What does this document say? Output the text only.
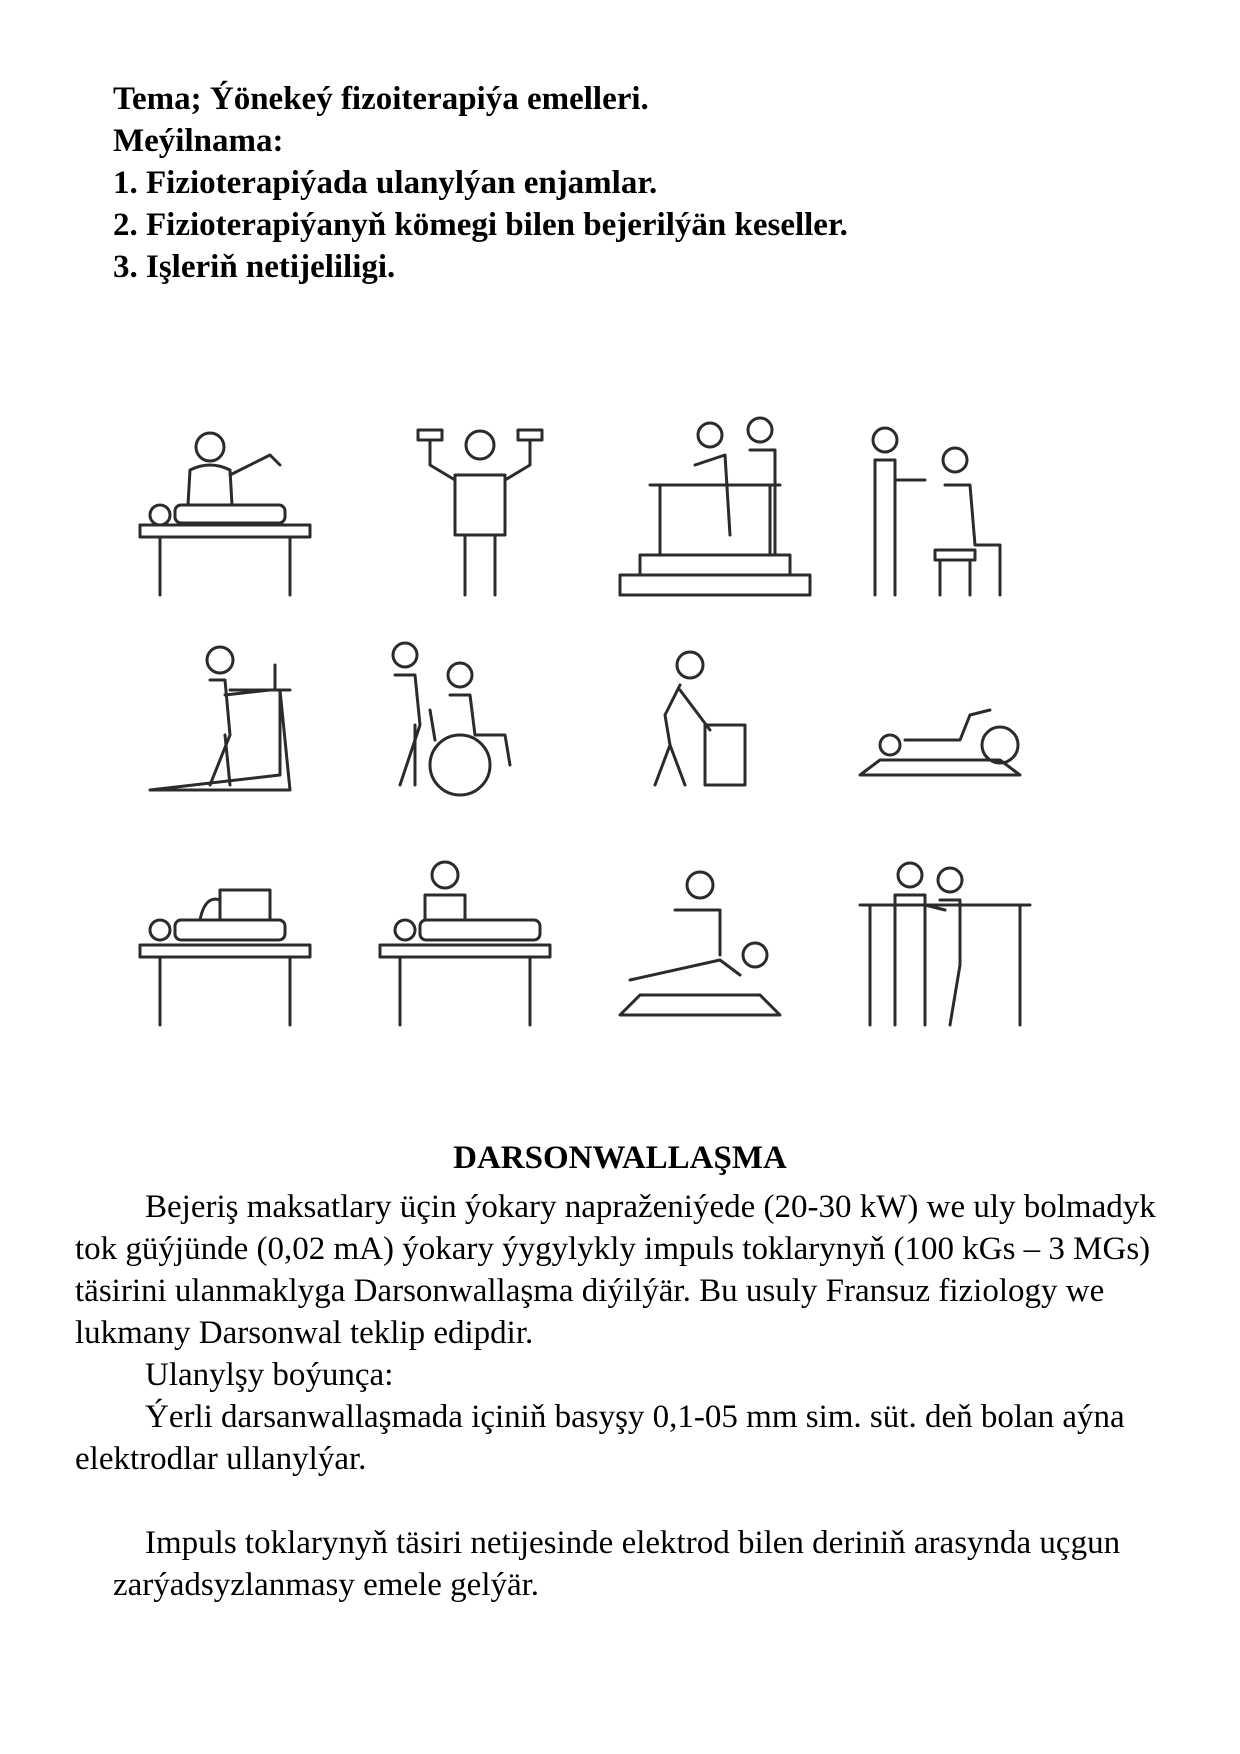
Tema; Ýönekeý fizoiterapiýa emelleri.
Meýilnama:
1. Fizioterapiýada ulanylýan enjamlar.
2. Fizioterapiýanyň kömegi bilen bejerilýän keseller.
3. Işleriň netijeliligi.
DARSONWALLAŞMA

Bejeriş maksatlary üçin ýokary napraženiýede (20-30 kW) we uly bolmadyk tok güýjünde (0,02 mA) ýokary ýygylykly impuls toklarynyň (100 kGs – 3 MGs) täsirini ulanmaklyga Darsonwallaşma diýilýär. Bu usuly Fransuz fiziology we lukmany Darsonwal teklip edipdir.

Ulanylşy boýunça:

Ýerli darsanwallaşmada içiniň basyşy 0,1-05 mm sim. süt. deň bolan aýna elektrodlar ullanylýar.

Impuls toklarynyň täsiri netijesinde elektrod bilen deriniň arasynda uçgun zarýadsyzlanmasy emele gelýär.
